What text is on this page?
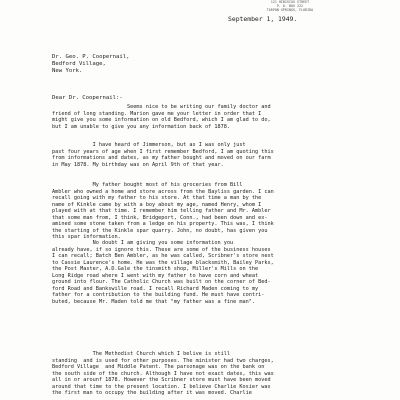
121 HIBISCUS STREET
P. O. BOX 222
TARPON SPRINGS, FLORIDA
September 1, 1949.
Dr. Geo. P. Coopernail,
Bedford Village,
New York.
Dear Dr. Coopernail:-
Seems nice to be writing our family doctor and
friend of long standing. Marion gave me your letter in order that I
might give you some information on old Bedford, which I am glad to do,
but I am unable to give you any information back of 1878.
I have heard of Jimmerson, but as I was only just
past four years of age when I first remember Bedford, I am quoting this
from informations and dates, as my father bought and moved on our farm
in May 1878. My birthday was on April 9th of that year.
My father bought most of his groceries from Bill
Ambler who owned a home and store across from the Bayliss garden. I can
recall going with my father to his store. At that time a man by the
name of Kinkle came by with a boy about my age, named Henry, whom I
played with at that time. I remember him telling father and Mr. Ambler
that some man from, I think, Bridgeport, Conn., had been down and ex-
amined some stone taken from a ledge on his property. This was, I think
the starting of the Kinkle spar quarry. John, no doubt, has given you
this spar information.
No doubt I am giving you some information you
already have, if so ignore this. These are some of the business houses
I can recall; Batch Ben Ambler, as he was called, Scribner's store next
to Cassie Laurence's home. He was the village blacksmith, Bailey Parks,
the Post Master, A.D.Gale the tinsmith shop, Miller's Mills on the
Long Ridge road where I went with my father to have corn and wheat
ground into flour. The Catholic Church was built on the corner of Bed-
ford Road and Bankswille road. I recall Richard Maden coming to my
father for a contribution to the building fund. He must have contri-
buted, because Mr. Maden told me that "my father was a fine man".
The Methodist Church which I belive is still
standing  and is used for other purposes. The minister had two charges,
Bedford Village  and Middle Patent. The parsonage was on the bank on
the south side of the church. Although I have not exact dates, this was
all in or arounf 1878. However the Scribner store must have been moved
around that time to the present location. I believe Charlie Kosier was
the first man to occupy the building after it was moved. Charlie
